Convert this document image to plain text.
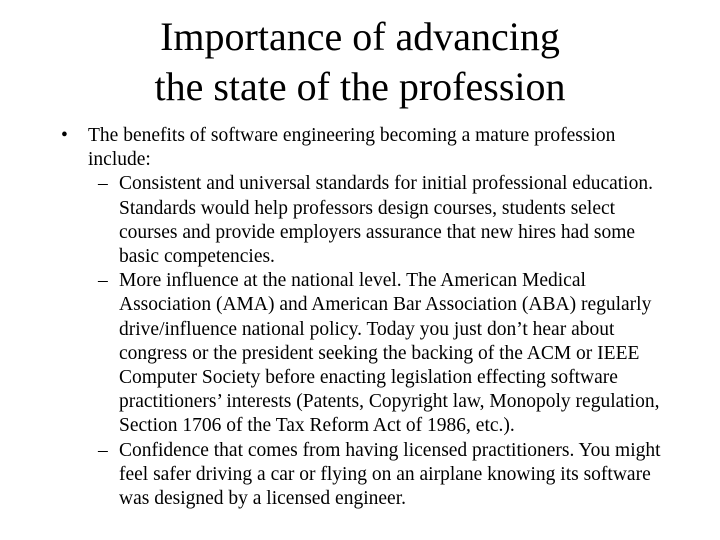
Importance of advancing
the state of the profession
• The benefits of software engineering becoming a mature profession include:
– Consistent and universal standards for initial professional education. Standards would help professors design courses, students select courses and provide employers assurance that new hires had some basic competencies.
– More influence at the national level. The American Medical Association (AMA) and American Bar Association (ABA) regularly drive/influence national policy. Today you just don’t hear about congress or the president seeking the backing of the ACM or IEEE Computer Society before enacting legislation effecting software practitioners’ interests (Patents, Copyright law, Monopoly regulation, Section 1706 of the Tax Reform Act of 1986, etc.).
– Confidence that comes from having licensed practitioners. You might feel safer driving a car or flying on an airplane knowing its software was designed by a licensed engineer.
